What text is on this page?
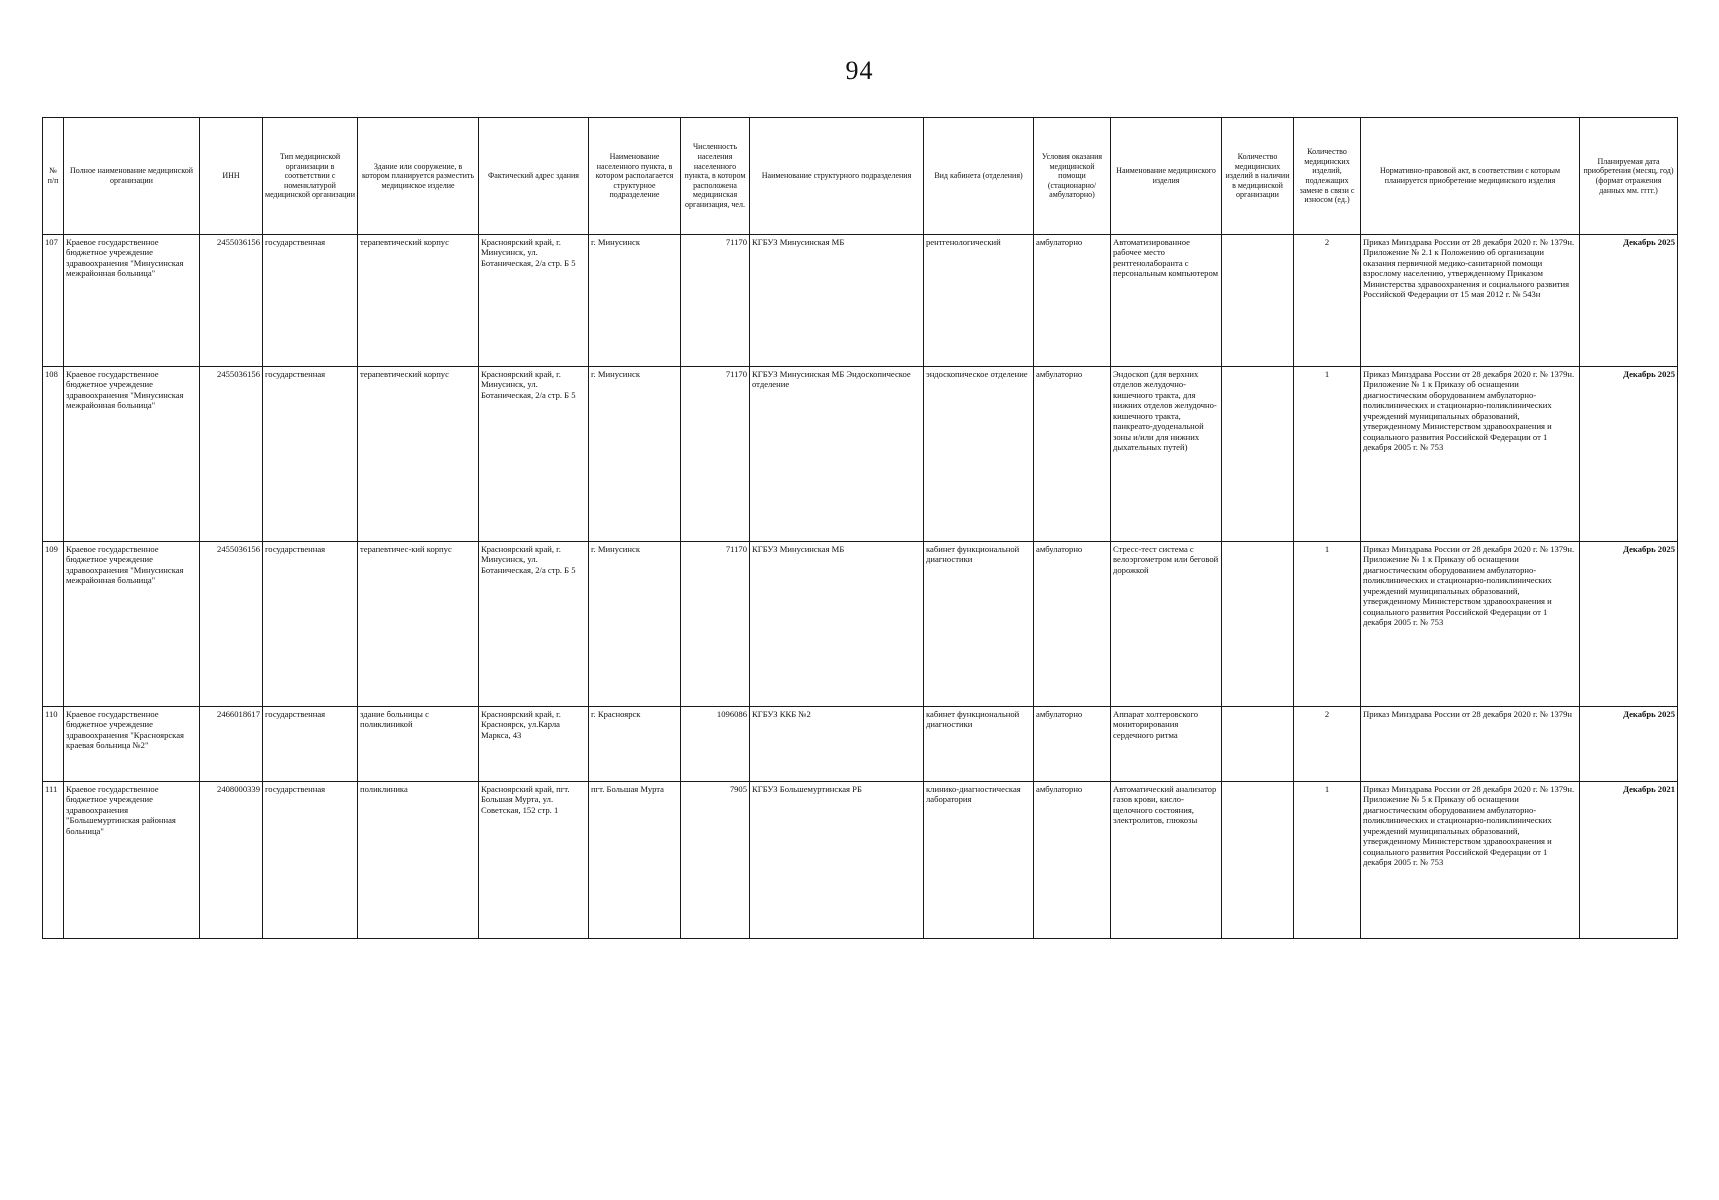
94
№ п/п	Полное наименование медицинской организации	ИНН	Тип медицинской организации в соответствии с номенклатурой медицинской организации	Здание или сооружение, в котором планируется разместить медицинское изделие	Фактический адрес здания	Наименование населенного пункта, в котором располагается структурное подразделение	Численность населения населенного пункта, в котором расположена медицинская организация, чел.	Наименование структурного подразделения	Вид кабинета (отделения)	Условия оказания медицинской помощи (стационарно/ амбулаторно)	Наименование медицинского изделия	Количество медицинских изделий в наличии в медицинской организации	Количество медицинских изделий, подлежащих замене в связи с износом (ед.)	Нормативно-правовой акт, в соответствии с которым планируется приобретение медицинского изделия	Планируемая дата приобретения (месяц, год) (формат отражения данных мм. гггг.)
107	Краевое государственное бюджетное учреждение здравоохранения "Минусинская межрайонная больница"	2455036156	государственная	терапевтический корпус	Красноярский край, г. Минусинск, ул. Ботаническая, 2/а стр. Б 5	г. Минусинск	71170	КГБУЗ Минусинская МБ	рентгенологический	амбулаторно	Автоматизированное рабочее место рентгенолаборанта с персональным компьютером		2	Приказ Минздрава России от 28 декабря 2020 г. № 1379н. Приложение № 2.1 к Положению об организации оказания первичной медико-санитарной помощи взрослому населению, утвержденному Приказом Министерства здравоохранения и социального развития Российской Федерации от 15 мая 2012 г. № 543н	Декабрь 2025
108	Краевое государственное бюджетное учреждение здравоохранения "Минусинская межрайонная больница"	2455036156	государственная	терапевтический корпус	Красноярский край, г. Минусинск, ул. Ботаническая, 2/а стр. Б 5	г. Минусинск	71170	КГБУЗ Минусинская МБ Эндоскопическое отделение	эндоскопическое отделение	амбулаторно	Эндоскоп (для верхних отделов желудочно-кишечного тракта, для нижних отделов желудочно-кишечного тракта, панкреато-дуоденальной зоны и/или для нижних дыхательных путей)		1	Приказ Минздрава России от 28 декабря 2020 г. № 1379н. Приложение № 1 к Приказу об оснащении диагностическим оборудованием амбулаторно-поликлинических и стационарно-поликлинических учреждений муниципальных образований, утвержденному Министерством здравоохранения и социального развития Российской Федерации от 1 декабря 2005 г. № 753	Декабрь 2025
109	Краевое государственное бюджетное учреждение здравоохранения "Минусинская межрайонная больница"	2455036156	государственная	терапевтичес-кий корпус	Красноярский край, г. Минусинск, ул. Ботаническая, 2/а стр. Б 5	г. Минусинск	71170	КГБУЗ Минусинская МБ	кабинет функциональной диагностики	амбулаторно	Стресс-тест система с велоэргометром или беговой дорожкой		1	Приказ Минздрава России от 28 декабря 2020 г. № 1379н. Приложение № 1 к Приказу об оснащении диагностическим оборудованием амбулаторно-поликлинических и стационарно-поликлинических учреждений муниципальных образований, утвержденному Министерством здравоохранения и социального развития Российской Федерации от 1 декабря 2005 г. № 753	Декабрь 2025
110	Краевое государственное бюджетное учреждение здравоохранения "Красноярская краевая больница №2"	2466018617	государственная	здание больницы с поликлиникой	Красноярский край, г. Красноярск, ул.Карла Маркса, 43	г. Красноярск	1096086	КГБУЗ ККБ №2	кабинет функциональной диагностики	амбулаторно	Аппарат холтеровского мониторирования сердечного ритма		2	Приказ Минздрава России от 28 декабря 2020 г. № 1379н	Декабрь 2025
111	Краевое государственное бюджетное учреждение здравоохранения "Большемуртинская районная больница"	2408000339	государственная	поликлиника	Красноярский край, пгт. Большая Мурта, ул. Советская, 152 стр. 1	пгт. Большая Мурта	7905	КГБУЗ Большемуртинская РБ	клинико-диагностическая лаборатория	амбулаторно	Автоматический анализатор газов крови, кисло-щелочного состояния, электролитов, глюкозы		1	Приказ Минздрава России от 28 декабря 2020 г. № 1379н. Приложение № 5 к Приказу об оснащении диагностическим оборудованием амбулаторно-поликлинических и стационарно-поликлинических учреждений муниципальных образований, утвержденному Министерством здравоохранения и социального развития Российской Федерации от 1 декабря 2005 г. № 753	Декабрь 2021
